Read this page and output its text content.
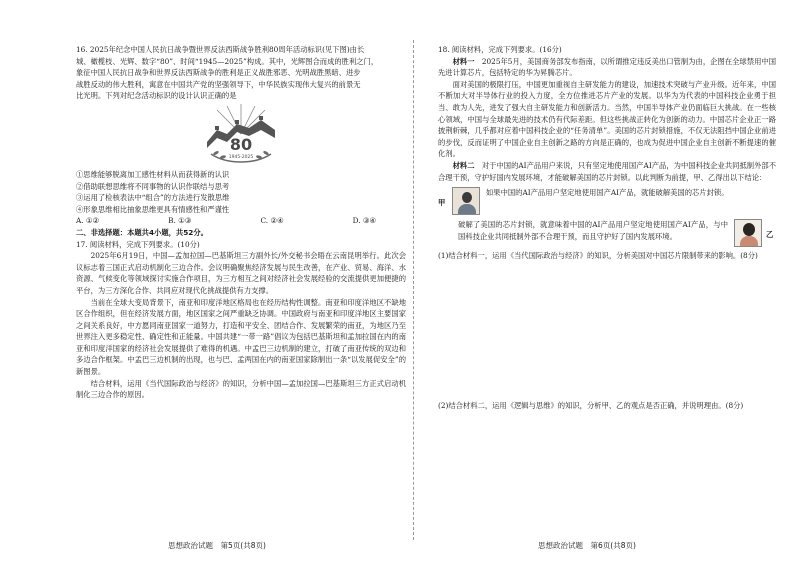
16. 2025年纪念中国人民抗日战争暨世界反法西斯战争胜利80周年活动标识(见下图)由长

城、橄榄枝、光辉、数字“80”、时间“1945—2025”构成。其中，光辉图合而成的胜利之门，

象征中国人民抗日战争和世界反法西斯战争的胜利是正义战胜邪恶、光明战胜黑暗、进步

战胜反动的伟大胜利，寓意在中国共产党的坚强领导下，中华民族实现伟大复兴的前景无

比光明。下列对纪念活动标识的设计认识正确的是

80
1945-2025

①思维能够脱离加工感性材料从而获得新的认识

②借助联想思维将不同事物的认识作联结与思考

③运用了检核表法中“组合”的方法进行发散思维

④形象思维相比抽象思维更具有情感性和严谨性

A. ①②	B. ①③	C. ②④	D. ③④

二、非选择题：本题共4小题，共52分。

17. 阅读材料，完成下列要求。(10分)

2025年6月19日，中国—孟加拉国—巴基斯坦三方副外长/外交秘书会晤在云南昆明举行。此次会议标志着三国正式启动机制化三边合作。会议明确聚焦经济发展与民生改善，在产业、贸易、海洋、水资源、气候变化等领域探讨实施合作项目，为三方相互之间对经济社会发展经验的交流提供更加便捷的平台，为三方深化合作、共同应对现代化挑战提供有力支撑。

当前在全球大变局背景下，南亚和印度洋地区格局也在经历结构性调整。南亚和印度洋地区不缺地区合作组织，但在经济发展方面，地区国家之间严重缺乏协调。中国政府与南亚和印度洋地区主要国家之间关系良好，中方愿同南亚国家一道努力，打造和平安全、团结合作、发展繁荣的南亚，为地区乃至世界注入更多稳定性、确定性和正能量。中国共建“一带一路”倡议为包括巴基斯坦和孟加拉国在内的南亚和印度洋国家的经济社会发展提供了难得的机遇。中孟巴三边机制的建立，打破了南亚传统的双边和多边合作框架。中孟巴三边机制的出现，也与巴、孟两国在内的南亚国家除制出一条“以发展促安全”的新图景。

结合材料，运用《当代国际政治与经济》的知识，分析中国—孟加拉国—巴基斯坦三方正式启动机制化三边合作的原因。

思想政治试题　第5页(共8页)

18. 阅读材料，完成下列要求。(16分)

材料一　 2025年5月，美国商务部发布指南，以所谓推定违反美出口管制为由，企图在全球禁用中国先进计算芯片，包括特定的华为昇腾芯片。

面对美国的极限打压，中国更加重视自主研发能力的建设，加速技术突破与产业升级。近年来，中国不断加大对半导体行业的投入力度，全方位推进芯片产业的发展。以华为为代表的中国科技企业勇于担当、敢为人先，进发了强大自主研发能力和创新活力。当然，中国半导体产业仍面临巨大挑战。在一些核心领域，中国与全球最先进的技术仍有代际差距。但这些挑战正转化为创新的动力。中国芯片企业正一路披荆斩棘，几乎都对应着中国科技企业的“任务清单”。美国的芯片封锁措施，不仅无法阻挡中国企业前进的步伐，反而证明了中国企业自主创新之路的方向是正确的，也成为促进中国企业自主创新不断提速的催化剂。

材料二　 对于中国的AI产品用户来说，只有坚定地使用国产AI产品，为中国科技企业共同抵制外部不合理干预，守护好国内发展环境，才能破解美国的芯片封锁。以此判断为前提，甲、乙得出以下结论：

甲

如果中国的AI产品用户坚定地使用国产AI产品，就能破解美国的芯片封锁。

破解了美国的芯片封锁，就意味着中国的AI产品用户坚定地使用国产AI产品，与中国科技企业共同抵制外部不合理干预，而且守护好了国内发展环境。	乙

(1)结合材料一，运用《当代国际政治与经济》的知识，分析美国对中国芯片限制带来的影响。(8分)

(2)结合材料二，运用《逻辑与思维》的知识，分析甲、乙的观点是否正确，并说明理由。(8分)

思想政治试题　第6页(共8页)
